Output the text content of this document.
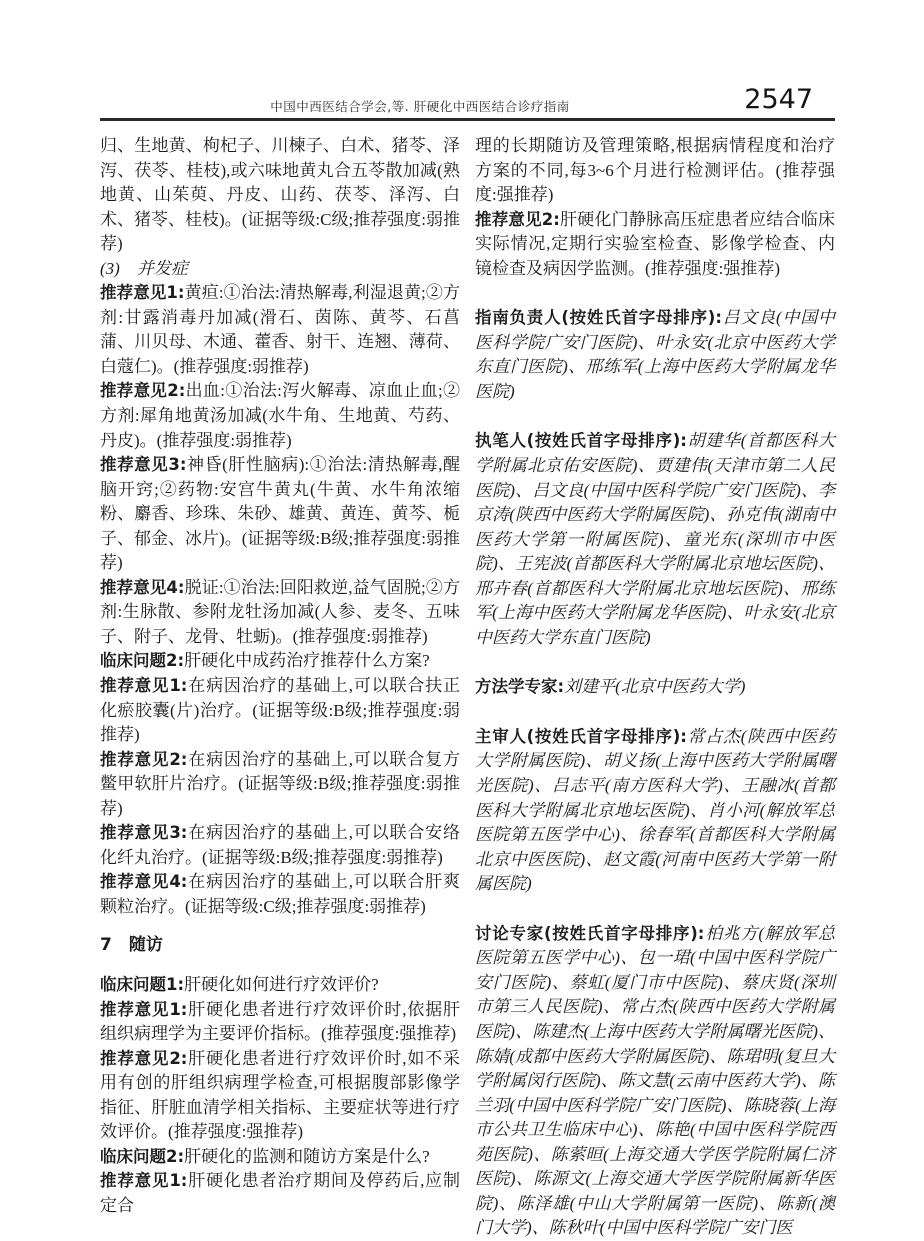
中国中西医结合学会,等. 肝硬化中西医结合诊疗指南	2547

归、生地黄、枸杞子、川楝子、白术、猪苓、泽泻、茯苓、桂枝),或六味地黄丸合五苓散加减(熟地黄、山茱萸、丹皮、山药、茯苓、泽泻、白术、猪苓、桂枝)。(证据等级:C级;推荐强度:弱推荐)

(3)　并发症

推荐意见1:黄疸:①治法:清热解毒,利湿退黄;②方剂:甘露消毒丹加减(滑石、茵陈、黄芩、石菖蒲、川贝母、木通、藿香、射干、连翘、薄荷、白蔻仁)。(推荐强度:弱推荐)

推荐意见2:出血:①治法:泻火解毒、凉血止血;②方剂:犀角地黄汤加减(水牛角、生地黄、芍药、丹皮)。(推荐强度:弱推荐)

推荐意见3:神昏(肝性脑病):①治法:清热解毒,醒脑开窍;②药物:安宫牛黄丸(牛黄、水牛角浓缩粉、麝香、珍珠、朱砂、雄黄、黄连、黄芩、栀子、郁金、冰片)。(证据等级:B级;推荐强度:弱推荐)

推荐意见4:脱证:①治法:回阳救逆,益气固脱;②方剂:生脉散、参附龙牡汤加减(人参、麦冬、五味子、附子、龙骨、牡蛎)。(推荐强度:弱推荐)

临床问题2:肝硬化中成药治疗推荐什么方案?

推荐意见1:在病因治疗的基础上,可以联合扶正化瘀胶囊(片)治疗。(证据等级:B级;推荐强度:弱推荐)

推荐意见2:在病因治疗的基础上,可以联合复方鳖甲软肝片治疗。(证据等级:B级;推荐强度:弱推荐)

推荐意见3:在病因治疗的基础上,可以联合安络化纤丸治疗。(证据等级:B级;推荐强度:弱推荐)

推荐意见4:在病因治疗的基础上,可以联合肝爽颗粒治疗。(证据等级:C级;推荐强度:弱推荐)

7　随访

临床问题1:肝硬化如何进行疗效评价?

推荐意见1:肝硬化患者进行疗效评价时,依据肝组织病理学为主要评价指标。(推荐强度:强推荐)

推荐意见2:肝硬化患者进行疗效评价时,如不采用有创的肝组织病理学检查,可根据腹部影像学指征、肝脏血清学相关指标、主要症状等进行疗效评价。(推荐强度:强推荐)

临床问题2:肝硬化的监测和随访方案是什么?

推荐意见1:肝硬化患者治疗期间及停药后,应制定合

理的长期随访及管理策略,根据病情程度和治疗方案的不同,每3~6个月进行检测评估。(推荐强度:强推荐)

推荐意见2:肝硬化门静脉高压症患者应结合临床实际情况,定期行实验室检查、影像学检查、内镜检查及病因学监测。(推荐强度:强推荐)

指南负责人(按姓氏首字母排序):吕文良(中国中医科学院广安门医院)、叶永安(北京中医药大学东直门医院)、邢练军(上海中医药大学附属龙华医院)

执笔人(按姓氏首字母排序):胡建华(首都医科大学附属北京佑安医院)、贾建伟(天津市第二人民医院)、吕文良(中国中医科学院广安门医院)、李京涛(陕西中医药大学附属医院)、孙克伟(湖南中医药大学第一附属医院)、童光东(深圳市中医院)、王宪波(首都医科大学附属北京地坛医院)、邢卉春(首都医科大学附属北京地坛医院)、邢练军(上海中医药大学附属龙华医院)、叶永安(北京中医药大学东直门医院)

方法学专家:刘建平(北京中医药大学)

主审人(按姓氏首字母排序):常占杰(陕西中医药大学附属医院)、胡义扬(上海中医药大学附属曙光医院)、吕志平(南方医科大学)、王融冰(首都医科大学附属北京地坛医院)、肖小河(解放军总医院第五医学中心)、徐春军(首都医科大学附属北京中医医院)、赵文霞(河南中医药大学第一附属医院)

讨论专家(按姓氏首字母排序):柏兆方(解放军总医院第五医学中心)、包一珺(中国中医科学院广安门医院)、蔡虹(厦门市中医院)、蔡庆贤(深圳市第三人民医院)、常占杰(陕西中医药大学附属医院)、陈建杰(上海中医药大学附属曙光医院)、陈婧(成都中医药大学附属医院)、陈珺明(复旦大学附属闵行医院)、陈文慧(云南中医药大学)、陈兰羽(中国中医科学院广安门医院)、陈晓蓉(上海市公共卫生临床中心)、陈艳(中国中医科学院西苑医院)、陈萦晅(上海交通大学医学院附属仁济医院)、陈源文(上海交通大学医学院附属新华医院)、陈泽雄(中山大学附属第一医院)、陈新(澳门大学)、陈秋叶(中国中医科学院广安门医
